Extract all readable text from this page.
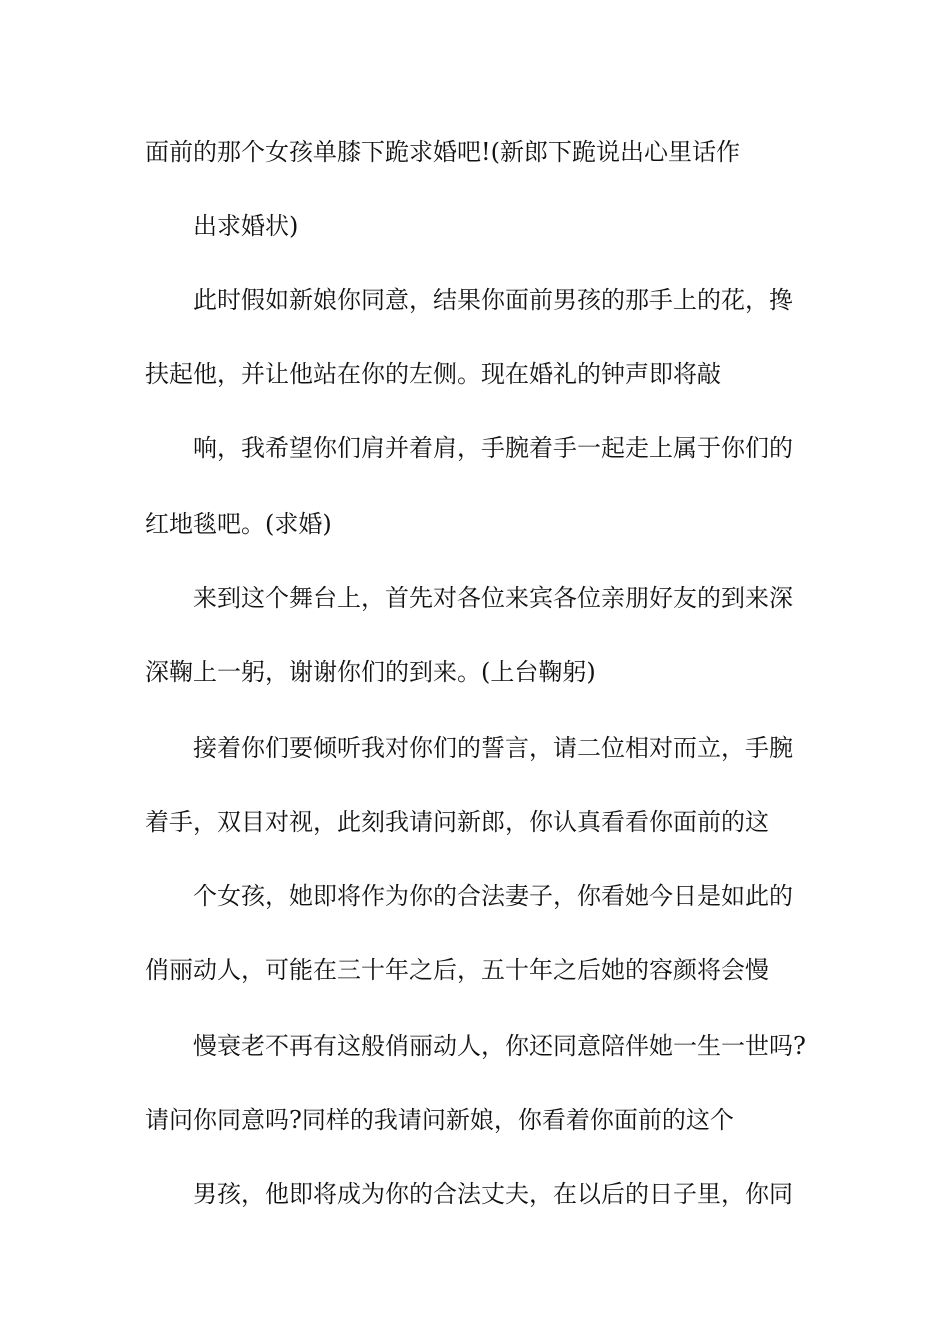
面前的那个女孩单膝下跪求婚吧!(新郎下跪说出心里话作
出求婚状)
此时假如新娘你同意，结果你面前男孩的那手上的花，搀
扶起他，并让他站在你的左侧。现在婚礼的钟声即将敲
响，我希望你们肩并着肩，手腕着手一起走上属于你们的
红地毯吧。(求婚)
来到这个舞台上，首先对各位来宾各位亲朋好友的到来深
深鞠上一躬，谢谢你们的到来。(上台鞠躬)
接着你们要倾听我对你们的誓言，请二位相对而立，手腕
着手，双目对视，此刻我请问新郎，你认真看看你面前的这
个女孩，她即将作为你的合法妻子，你看她今日是如此的
俏丽动人，可能在三十年之后，五十年之后她的容颜将会慢
慢衰老不再有这般俏丽动人，你还同意陪伴她一生一世吗?
请问你同意吗?同样的我请问新娘，你看着你面前的这个
男孩，他即将成为你的合法丈夫，在以后的日子里，你同
